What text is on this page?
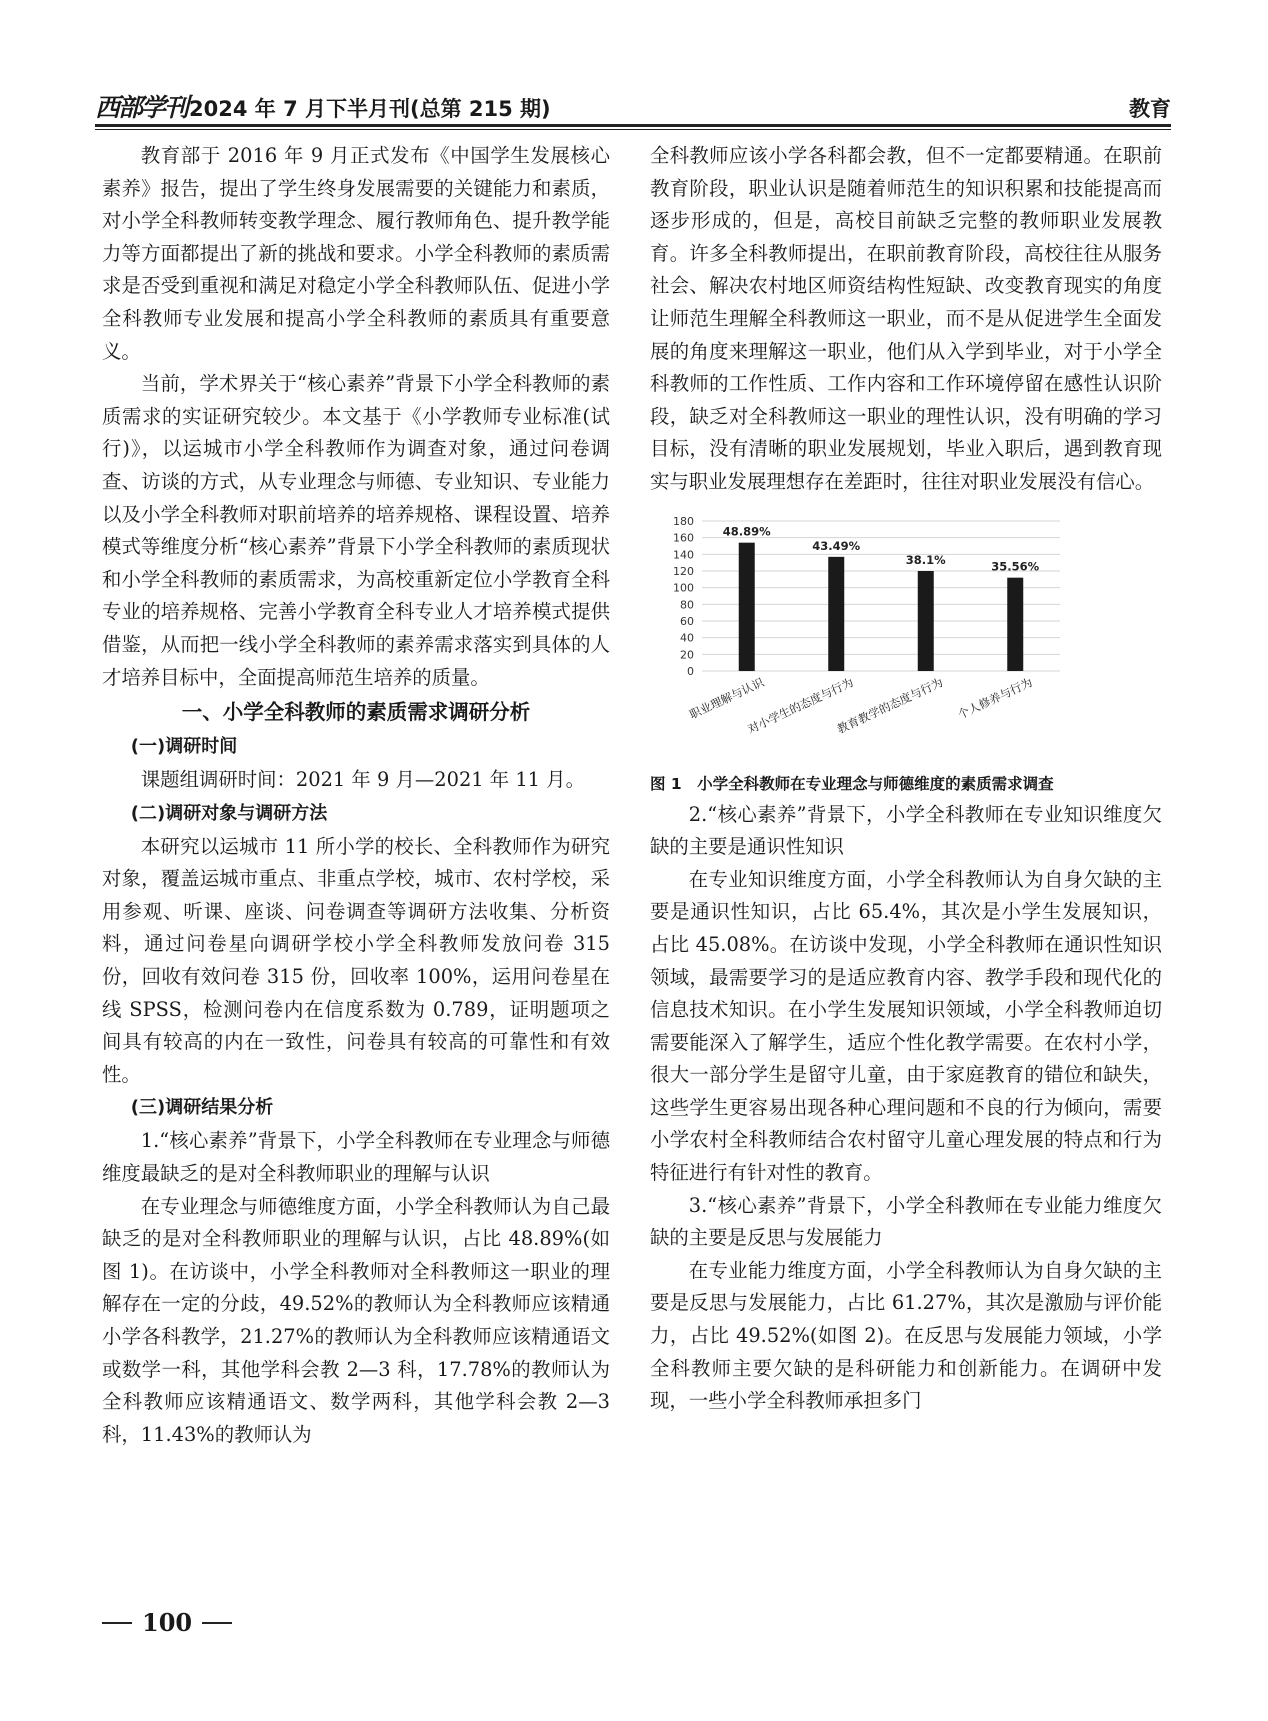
西部学刊 2024 年 7 月下半月刊(总第 215 期)	教育

教育部于 2016 年 9 月正式发布《中国学生发展核心素养》报告，提出了学生终身发展需要的关键能力和素质，对小学全科教师转变教学理念、履行教师角色、提升教学能力等方面都提出了新的挑战和要求。小学全科教师的素质需求是否受到重视和满足对稳定小学全科教师队伍、促进小学全科教师专业发展和提高小学全科教师的素质具有重要意义。

当前，学术界关于“核心素养”背景下小学全科教师的素质需求的实证研究较少。本文基于《小学教师专业标准(试行)》，以运城市小学全科教师作为调查对象，通过问卷调查、访谈的方式，从专业理念与师德、专业知识、专业能力以及小学全科教师对职前培养的培养规格、课程设置、培养模式等维度分析“核心素养”背景下小学全科教师的素质现状和小学全科教师的素质需求，为高校重新定位小学教育全科专业的培养规格、完善小学教育全科专业人才培养模式提供借鉴，从而把一线小学全科教师的素养需求落实到具体的人才培养目标中，全面提高师范生培养的质量。

一、小学全科教师的素质需求调研分析

(一)调研时间

课题组调研时间：2021 年 9 月—2021 年 11 月。

(二)调研对象与调研方法

本研究以运城市 11 所小学的校长、全科教师作为研究对象，覆盖运城市重点、非重点学校，城市、农村学校，采用参观、听课、座谈、问卷调查等调研方法收集、分析资料，通过问卷星向调研学校小学全科教师发放问卷 315 份，回收有效问卷 315 份，回收率 100%，运用问卷星在线 SPSS，检测问卷内在信度系数为 0.789，证明题项之间具有较高的内在一致性，问卷具有较高的可靠性和有效性。

(三)调研结果分析

1.“核心素养”背景下，小学全科教师在专业理念与师德维度最缺乏的是对全科教师职业的理解与认识

在专业理念与师德维度方面，小学全科教师认为自己最缺乏的是对全科教师职业的理解与认识，占比 48.89%(如图 1)。在访谈中，小学全科教师对全科教师这一职业的理解存在一定的分歧，49.52%的教师认为全科教师应该精通小学各科教学，21.27%的教师认为全科教师应该精通语文或数学一科，其他学科会教 2—3 科，17.78%的教师认为全科教师应该精通语文、数学两科，其他学科会教 2—3 科，11.43%的教师认为

全科教师应该小学各科都会教，但不一定都要精通。在职前教育阶段，职业认识是随着师范生的知识积累和技能提高而逐步形成的，但是，高校目前缺乏完整的教师职业发展教育。许多全科教师提出，在职前教育阶段，高校往往从服务社会、解决农村地区师资结构性短缺、改变教育现实的角度让师范生理解全科教师这一职业，而不是从促进学生全面发展的角度来理解这一职业，他们从入学到毕业，对于小学全科教师的工作性质、工作内容和工作环境停留在感性认识阶段，缺乏对全科教师这一职业的理性认识，没有明确的学习目标，没有清晰的职业发展规划，毕业入职后，遇到教育现实与职业发展理想存在差距时，往往对职业发展没有信心。

0
20
40
60
80
100
120
140
160
180
48.89%
职业理解与认识
43.49%
对小学生的态度与行为
38.1%
教育教学的态度与行为
35.56%
个人修养与行为

图 1　小学全科教师在专业理念与师德维度的素质需求调查

2.“核心素养”背景下，小学全科教师在专业知识维度欠缺的主要是通识性知识

在专业知识维度方面，小学全科教师认为自身欠缺的主要是通识性知识，占比 65.4%，其次是小学生发展知识，占比 45.08%。在访谈中发现，小学全科教师在通识性知识领域，最需要学习的是适应教育内容、教学手段和现代化的信息技术知识。在小学生发展知识领域，小学全科教师迫切需要能深入了解学生，适应个性化教学需要。在农村小学，很大一部分学生是留守儿童，由于家庭教育的错位和缺失，这些学生更容易出现各种心理问题和不良的行为倾向，需要小学农村全科教师结合农村留守儿童心理发展的特点和行为特征进行有针对性的教育。

3.“核心素养”背景下，小学全科教师在专业能力维度欠缺的主要是反思与发展能力

在专业能力维度方面，小学全科教师认为自身欠缺的主要是反思与发展能力，占比 61.27%，其次是激励与评价能力，占比 49.52%(如图 2)。在反思与发展能力领域，小学全科教师主要欠缺的是科研能力和创新能力。在调研中发现，一些小学全科教师承担多门

100
